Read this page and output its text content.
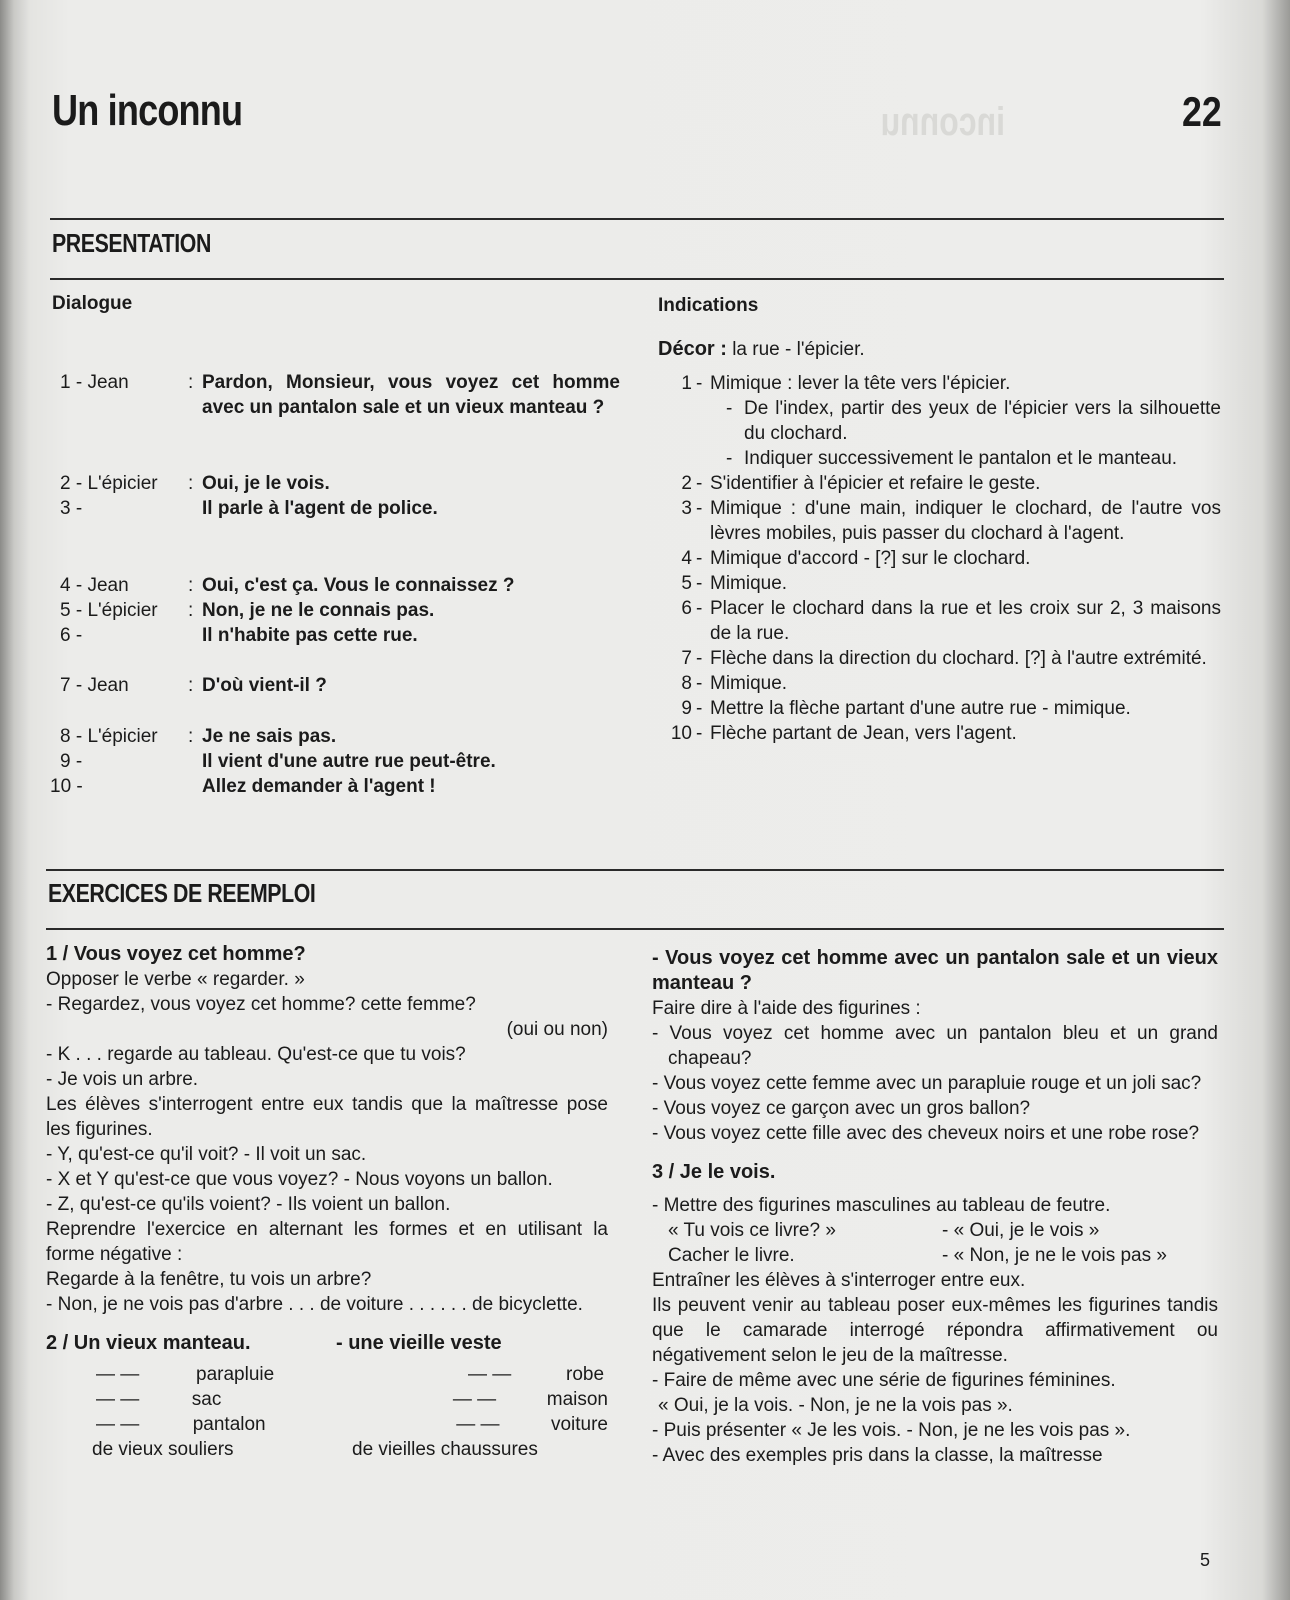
inconnu
Un inconnu	22
PRESENTATION
Dialogue	Indications
1 - Jean	: Pardon, Monsieur, vous voyez cet homme avec un pantalon sale et un vieux manteau ?
2 - L'épicier	: Oui, je le vois.
3 -	Il parle à l'agent de police.
4 - Jean	: Oui, c'est ça. Vous le connaissez ?
5 - L'épicier	: Non, je ne le connais pas.
6 -	Il n'habite pas cette rue.
7 - Jean	: D'où vient-il ?
8 - L'épicier	: Je ne sais pas.
9 -	Il vient d'une autre rue peut-être.
10 -	Allez demander à l'agent !
Décor : la rue - l'épicier.
1 - Mimique : lever la tête vers l'épicier.
- De l'index, partir des yeux de l'épicier vers la silhouette du clochard.
- Indiquer successivement le pantalon et le manteau.
2 - S'identifier à l'épicier et refaire le geste.
3 - Mimique : d'une main, indiquer le clochard, de l'autre vos lèvres mobiles, puis passer du clochard à l'agent.
4 - Mimique d'accord - [?] sur le clochard.
5 - Mimique.
6 - Placer le clochard dans la rue et les croix sur 2, 3 maisons de la rue.
7 - Flèche dans la direction du clochard. [?] à l'autre extrémité.
8 - Mimique.
9 - Mettre la flèche partant d'une autre rue - mimique.
10 - Flèche partant de Jean, vers l'agent.
EXERCICES DE REEMPLOI

1 / Vous voyez cet homme?

Opposer le verbe « regarder. »

- Regardez, vous voyez cet homme? cette femme?

(oui ou non)

- K . . . regarde au tableau. Qu'est-ce que tu vois?

- Je vois un arbre.

Les élèves s'interrogent entre eux tandis que la maîtresse pose les figurines.

- Y, qu'est-ce qu'il voit? - Il voit un sac.

- X et Y qu'est-ce que vous voyez? - Nous voyons un ballon.

- Z, qu'est-ce qu'ils voient? - Ils voient un ballon.

Reprendre l'exercice en alternant les formes et en utilisant la forme négative :

Regarde à la fenêtre, tu vois un arbre?

- Non, je ne vois pas d'arbre . . . de voiture . . . . . . de bicyclette.

2 / Un vieux manteau.	- une vieille veste
— —	parapluie	— —	robe
— —	sac	— —	maison
— —	pantalon	— —	voiture
de vieux souliers	de vieilles chaussures

- Vous voyez cet homme avec un pantalon sale et un vieux manteau ?

Faire dire à l'aide des figurines :

- Vous voyez cet homme avec un pantalon bleu et un grand chapeau?

- Vous voyez cette femme avec un parapluie rouge et un joli sac?

- Vous voyez ce garçon avec un gros ballon?

- Vous voyez cette fille avec des cheveux noirs et une robe rose?

3 / Je le vois.

- Mettre des figurines masculines au tableau de feutre.

« Tu vois ce livre? »	- « Oui, je le vois »
Cacher le livre.	- « Non, je ne le vois pas »

Entraîner les élèves à s'interroger entre eux.

Ils peuvent venir au tableau poser eux-mêmes les figurines tandis que le camarade interrogé répondra affirmativement ou négativement selon le jeu de la maîtresse.

- Faire de même avec une série de figurines féminines.

« Oui, je la vois. - Non, je ne la vois pas ».

- Puis présenter « Je les vois. - Non, je ne les vois pas ».

- Avec des exemples pris dans la classe, la maîtresse

5
